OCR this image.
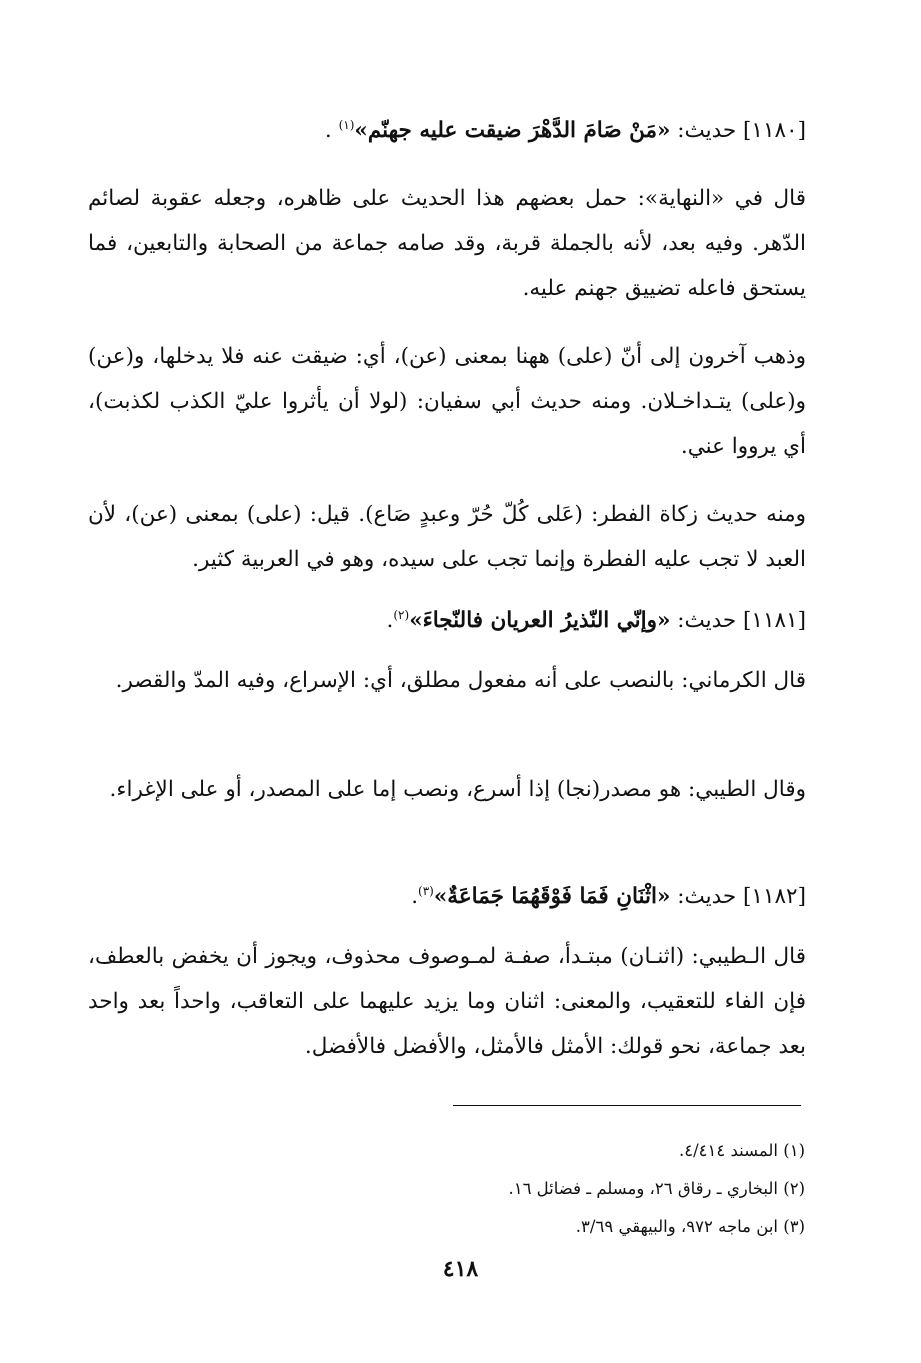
[١١٨٠] حديث: «مَنْ صَامَ الدَّهْرَ ضيقت عليه جهنّم»$^{(١)}$ .

قال في «النهاية»: حمل بعضهم هذا الحديث على ظاهره، وجعله عقوبة لصائم الدّهر. وفيه بعد، لأنه بالجملة قربة، وقد صامه جماعة من الصحابة والتابعين، فما يستحق فاعله تضييق جهنم عليه.

وذهب آخرون إلى أنّ (على) ههنا بمعنى (عن)، أي: ضيقت عنه فلا يدخلها، و(عن) و(على) يتـداخـلان. ومنه حديث أبي سفيان: (لولا أن يأثروا عليّ الكذب لكذبت)، أي يرووا عني.

ومنه حديث زكاة الفطر: (عَلى كُلّ حُرّ وعبدٍ صَاع). قيل: (على) بمعنى (عن)، لأن العبد لا تجب عليه الفطرة وإنما تجب على سيده، وهو في العربية كثير.

[١١٨١] حديث: «وإنّي النّذيرُ العريان فالنّجاءَ»$^{(٢)}$.

قال الكرماني: بالنصب على أنه مفعول مطلق، أي: الإسراع، وفيه المدّ والقصر.

وقال الطيبي: هو مصدر(نجا) إذا أسرع، ونصب إما على المصدر، أو على الإغراء.

[١١٨٢] حديث: «اثْنَانِ فَمَا فَوْقَهُمَا جَمَاعَةٌ»$^{(٣)}$.

قال الـطيبي: (اثنـان) مبتـدأ، صفـة لمـوصوف محذوف، ويجوز أن يخفض بالعطف، فإن الفاء للتعقيب، والمعنى: اثنان وما يزيد عليهما على التعاقب، واحداً بعد واحد بعد جماعة، نحو قولك: الأمثل فالأمثل، والأفضل فالأفضل.

(١) المسند ٤/٤١٤.

(٢) البخاري ـ رقاق ٢٦، ومسلم ـ فضائل ١٦.

(٣) ابن ماجه ٩٧٢، والبيهقي ٣/٦٩.

٤١٨
